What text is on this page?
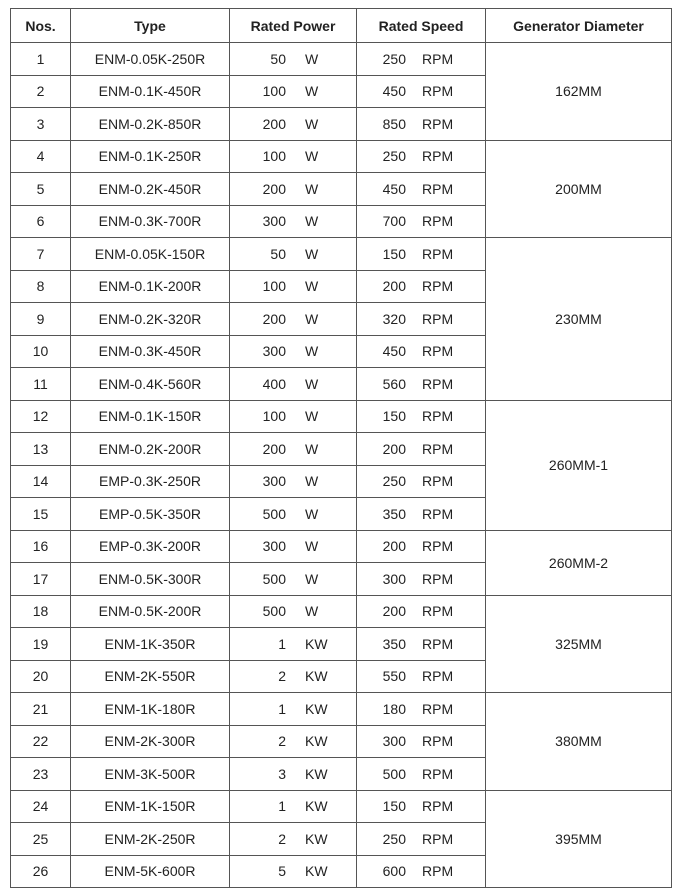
Nos.	Type	Rated Power	Rated Speed	Generator Diameter
1	ENM-0.05K-250R	50 W	250 RPM	162MM
2	ENM-0.1K-450R	100 W	450 RPM	

3	ENM-0.2K-850R	200 W	850 RPM	

4	ENM-0.1K-250R	100 W	250 RPM	200MM
5	ENM-0.2K-450R	200 W	450 RPM	

6	ENM-0.3K-700R	300 W	700 RPM	

7	ENM-0.05K-150R	50 W	150 RPM	230MM
8	ENM-0.1K-200R	100 W	200 RPM	

9	ENM-0.2K-320R	200 W	320 RPM	

10	ENM-0.3K-450R	300 W	450 RPM	

11	ENM-0.4K-560R	400 W	560 RPM	

12	ENM-0.1K-150R	100 W	150 RPM	260MM-1
13	ENM-0.2K-200R	200 W	200 RPM	

14	EMP-0.3K-250R	300 W	250 RPM	

15	EMP-0.5K-350R	500 W	350 RPM	

16	EMP-0.3K-200R	300 W	200 RPM	260MM-2
17	ENM-0.5K-300R	500 W	300 RPM	

18	ENM-0.5K-200R	500 W	200 RPM	325MM
19	ENM-1K-350R	1 KW	350 RPM	

20	ENM-2K-550R	2 KW	550 RPM	

21	ENM-1K-180R	1 KW	180 RPM	380MM
22	ENM-2K-300R	2 KW	300 RPM	

23	ENM-3K-500R	3 KW	500 RPM	

24	ENM-1K-150R	1 KW	150 RPM	395MM
25	ENM-2K-250R	2 KW	250 RPM	

26	ENM-5K-600R	5 KW	600 RPM	
